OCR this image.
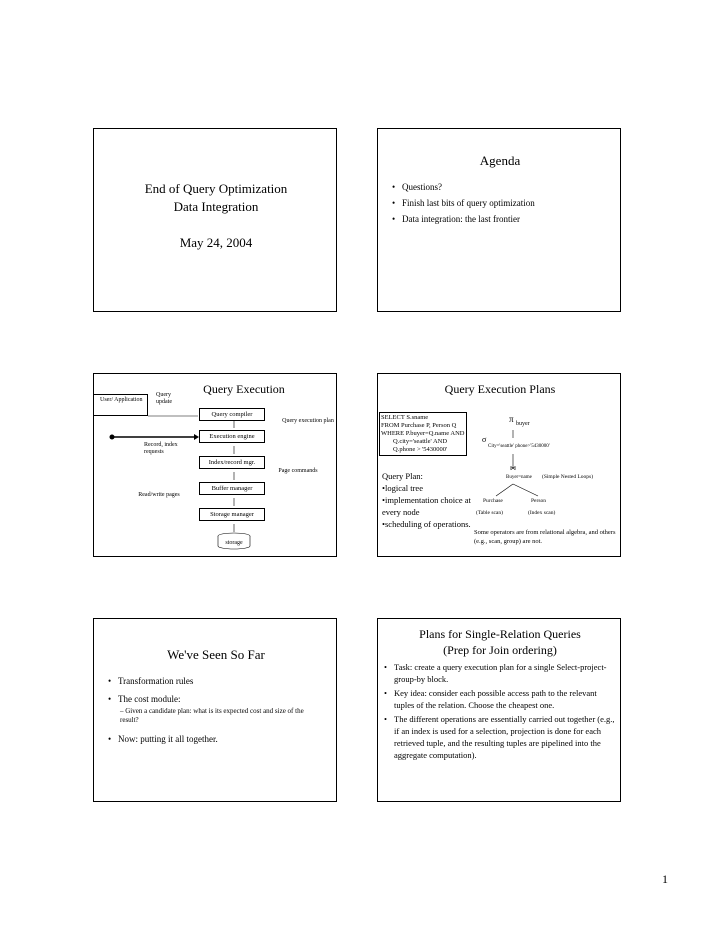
End of Query Optimization
Data Integration
May 24, 2004
Agenda
• Questions?
• Finish last bits of query optimization
• Data integration: the last frontier
Query Execution
User/ Application
Query update
Query compiler
Query execution plan
Execution engine
Record, index requests
Index/record mgr.
Page commands
Buffer manager
Read/write pages
Storage manager
storage
Query Execution Plans
SELECT S.sname
FROM Purchase P, Person Q
WHERE P.buyer=Q.name AND
Q.city='seattle' AND
Q.phone > '5430000'
π buyer
σ
City='seattle' phone>'5430000'
⋈
Buyer=name (Simple Nested Loops)
Purchase	Person
(Table scan)	(Index scan)
Query Plan:
•logical tree
•implementation choice at every node
•scheduling of operations.
Some operators are from relational algebra, and others (e.g., scan, group) are not.
We've Seen So Far
• Transformation rules
• The cost module:
– Given a candidate plan: what is its expected cost and size of the result?
• Now: putting it all together.
Plans for Single-Relation Queries
(Prep for Join ordering)
• Task: create a query execution plan for a single Select-project-group-by block.
• Key idea: consider each possible access path to the relevant tuples of the relation. Choose the cheapest one.
• The different operations are essentially carried out together (e.g., if an index is used for a selection, projection is done for each retrieved tuple, and the resulting tuples are pipelined into the aggregate computation).
1
